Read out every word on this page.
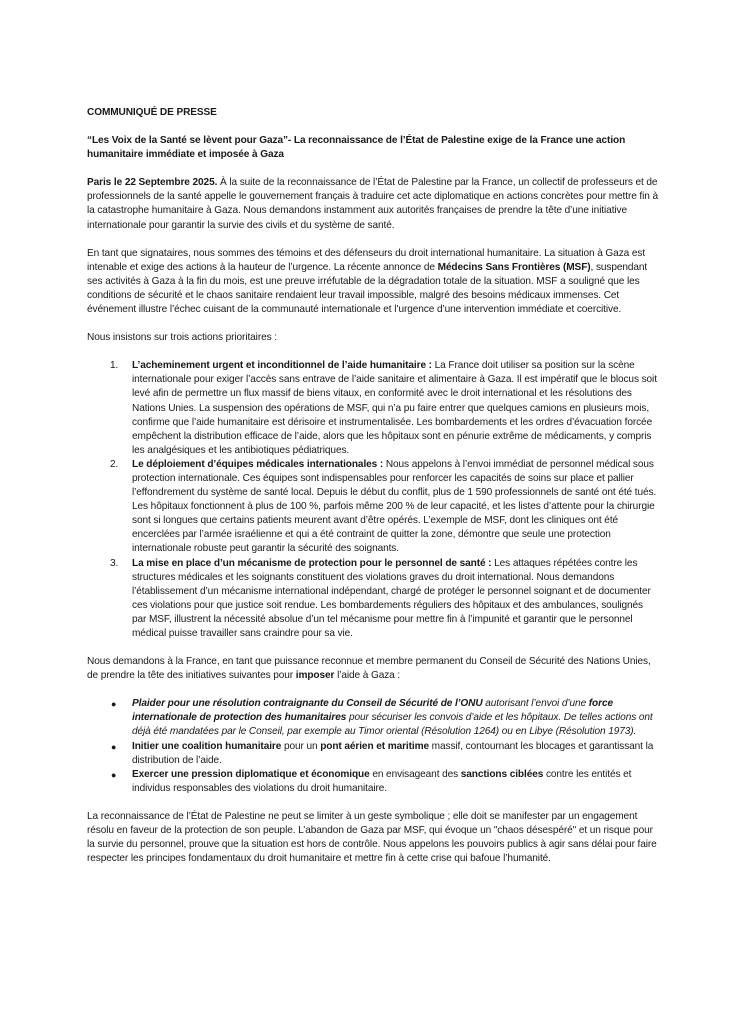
COMMUNIQUÉ DE PRESSE

“Les Voix de la Santé se lèvent pour Gaza”- La reconnaissance de l’État de Palestine exige de la France une action humanitaire immédiate et imposée à Gaza

Paris le 22 Septembre 2025. À la suite de la reconnaissance de l’État de Palestine par la France, un collectif de professeurs et de professionnels de la santé appelle le gouvernement français à traduire cet acte diplomatique en actions concrètes pour mettre fin à la catastrophe humanitaire à Gaza. Nous demandons instamment aux autorités françaises de prendre la tête d’une initiative internationale pour garantir la survie des civils et du système de santé.

En tant que signataires, nous sommes des témoins et des défenseurs du droit international humanitaire. La situation à Gaza est intenable et exige des actions à la hauteur de l’urgence. La récente annonce de Médecins Sans Frontières (MSF), suspendant ses activités à Gaza à la fin du mois, est une preuve irréfutable de la dégradation totale de la situation. MSF a souligné que les conditions de sécurité et le chaos sanitaire rendaient leur travail impossible, malgré des besoins médicaux immenses. Cet événement illustre l’échec cuisant de la communauté internationale et l’urgence d’une intervention immédiate et coercitive.

Nous insistons sur trois actions prioritaires :

1. L’acheminement urgent et inconditionnel de l’aide humanitaire : La France doit utiliser sa position sur la scène internationale pour exiger l’accès sans entrave de l’aide sanitaire et alimentaire à Gaza. Il est impératif que le blocus soit levé afin de permettre un flux massif de biens vitaux, en conformité avec le droit international et les résolutions des Nations Unies. La suspension des opérations de MSF, qui n’a pu faire entrer que quelques camions en plusieurs mois, confirme que l’aide humanitaire est dérisoire et instrumentalisée. Les bombardements et les ordres d’évacuation forcée empêchent la distribution efficace de l’aide, alors que les hôpitaux sont en pénurie extrême de médicaments, y compris les analgésiques et les antibiotiques pédiatriques.
2. Le déploiement d’équipes médicales internationales : Nous appelons à l’envoi immédiat de personnel médical sous protection internationale. Ces équipes sont indispensables pour renforcer les capacités de soins sur place et pallier l’effondrement du système de santé local. Depuis le début du conflit, plus de 1 590 professionnels de santé ont été tués. Les hôpitaux fonctionnent à plus de 100 %, parfois même 200 % de leur capacité, et les listes d’attente pour la chirurgie sont si longues que certains patients meurent avant d’être opérés. L’exemple de MSF, dont les cliniques ont été encerclées par l’armée israélienne et qui a été contraint de quitter la zone, démontre que seule une protection internationale robuste peut garantir la sécurité des soignants.
3. La mise en place d’un mécanisme de protection pour le personnel de santé : Les attaques répétées contre les structures médicales et les soignants constituent des violations graves du droit international. Nous demandons l’établissement d’un mécanisme international indépendant, chargé de protéger le personnel soignant et de documenter ces violations pour que justice soit rendue. Les bombardements réguliers des hôpitaux et des ambulances, soulignés par MSF, illustrent la nécessité absolue d’un tel mécanisme pour mettre fin à l’impunité et garantir que le personnel médical puisse travailler sans craindre pour sa vie.

Nous demandons à la France, en tant que puissance reconnue et membre permanent du Conseil de Sécurité des Nations Unies, de prendre la tête des initiatives suivantes pour imposer l’aide à Gaza :

● Plaider pour une résolution contraignante du Conseil de Sécurité de l’ONU autorisant l’envoi d’une force internationale de protection des humanitaires pour sécuriser les convois d’aide et les hôpitaux. De telles actions ont déjà été mandatées par le Conseil, par exemple au Timor oriental (Résolution 1264) ou en Libye (Résolution 1973).
● Initier une coalition humanitaire pour un pont aérien et maritime massif, contournant les blocages et garantissant la distribution de l’aide.
● Exercer une pression diplomatique et économique en envisageant des sanctions ciblées contre les entités et individus responsables des violations du droit humanitaire.

La reconnaissance de l’État de Palestine ne peut se limiter à un geste symbolique ; elle doit se manifester par un engagement résolu en faveur de la protection de son peuple. L’abandon de Gaza par MSF, qui évoque un "chaos désespéré" et un risque pour la survie du personnel, prouve que la situation est hors de contrôle. Nous appelons les pouvoirs publics à agir sans délai pour faire respecter les principes fondamentaux du droit humanitaire et mettre fin à cette crise qui bafoue l’humanité.
